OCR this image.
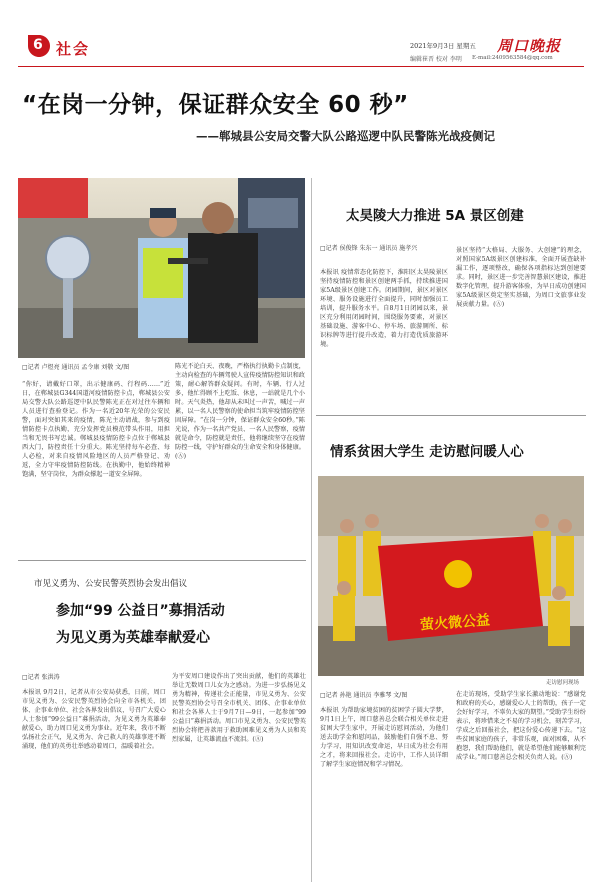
6 社会	2021年9月3日 星期五
编辑崔晋 校对 李明
周口晚报
E-mail:2409563584@qq.com
“在岗一分钟，保证群众安全 60 秒”
——郸城县公安局交警大队公路巡逻中队民警陈光战疫侧记
□记者 卢煜亮 通讯员 孟令康 刘敬 文/图
“你好，请戴好口罩，出示健康码、行程码……”近日，在郸城县G344国道河疫情防控卡点，郸城县公安局交警大队公路巡逻中队民警陈光正在对过往车辆和人员进行查验登记。作为一名近20年光荣的公安民警，面对突如其来的疫情，陈光主动请战，参与到疫情防控卡点执勤，充分发挥党员模范带头作用，用担当和无畏书写忠诚。郸城县疫情防控卡点位于郸城县西大门，防控责任十分重大。陈光坚持每车必查、每人必检，对来自疫情风险地区的人员严格登记、劝返，全力守牢疫情防控防线。在执勤中，他始终精神饱满，坚守岗位，为群众撑起一道安全屏障。
陈光不论白天、夜晚，严格执行执勤卡点制度，主动向检查的车辆驾驶人宣传疫情防控知识和政策，耐心解答群众疑问。有时，车辆、行人过多，他忙得顾不上吃饭、休息，一站就是几个小时。天气炎热，他却从未叫过一声苦，喊过一声累，以一名人民警察的使命担当筑牢疫情防控坚固屏障。“在岗一分钟，保证群众安全60秒。”陈光说，作为一名共产党员、一名人民警察，疫情就是命令，防控就是责任，他将继续坚守在疫情防控一线，守护好群众的生命安全和身体健康。(Ⓐ)
太昊陵大力推进 5A 景区创建
□记者 侯俊锋 朱东一 通讯员 施孝兴
本报讯 疫情常态化防控下，淮阳区太昊陵景区坚持疫情防控和景区创建两手抓，持续推进国家5A级景区创建工作。闭园期间，景区对景区环境、服务设施进行全面提升，同时加强员工培训，提升服务水平。自8月1日闭园以来，景区充分利用闭园时间，围绕服务要素，对景区基础设施、游客中心、停车场、旅游厕所、标识标牌等进行提升改造，着力打造优质旅游环境。
景区坚持“大格局、大服务、大创建”的理念，对照国家5A级景区创建标准，全面开展查缺补漏工作，逐项整改，确保各项指标达到创建要求。同时，景区进一步完善智慧景区建设，推进数字化管理，提升游客体验，为早日成功创建国家5A级景区奠定坚实基础，为周口文旅事业发展贡献力量。(Ⓐ)
情系贫困大学生 走访慰问暖人心
萤火微公益
走访慰问现场
□记者 孙艳 通讯员 李雅琴 文/图
本报讯 为帮助家境贫困的贫困学子圆大学梦，9月1日上午，周口慈善总会联合相关单位走进贫困大学生家中，开展走访慰问活动，为他们送去助学金和慰问品，鼓励他们自强不息、努力学习，用知识改变命运，早日成为社会有用之才，将来回报社会。走访中，工作人员详细了解学生家庭情况和学习情况。
在走访现场，受助学生家长激动地说：“感谢党和政府的关心，感谢爱心人士的帮助，孩子一定会好好学习，不辜负大家的期望。”受助学生纷纷表示，将珍惜来之不易的学习机会，刻苦学习，学成之后回报社会，把这份爱心传递下去。“这些贫困家庭的孩子，非常乐观，面对困难，从不抱怨，我们帮助他们，就是希望他们能够顺利完成学业。”周口慈善总会相关负责人说。(Ⓐ)
市见义勇为、公安民警英烈协会发出倡议
参加“99 公益日”募捐活动
为见义勇为英雄奉献爱心
□记者 张洪涛
本报讯 9月2日，记者从市公安局获悉，日前，周口市见义勇为、公安民警英烈协会向全市各机关、团体、企事业单位、社会各界发出倡议，号召广大爱心人士参加“99公益日”募捐活动，为见义勇为英雄奉献爱心，助力周口见义勇为事业。近年来，我市不断弘扬社会正气，见义勇为、舍己救人的英雄事迹不断涌现，他们的英勇壮举感动着周口，温暖着社会。
为平安周口建设作出了突出贡献，他们的英雄壮举让无数周口儿女为之感动。为进一步弘扬见义勇为精神，传递社会正能量，市见义勇为、公安民警英烈协会号召全市机关、团体、企事业单位和社会各界人士于9月7日—9日，一起参加“99公益日”募捐活动。周口市见义勇为、公安民警英烈协会将把善款用于救助困难见义勇为人员和英烈家属，让英雄流血不流泪。(Ⓐ)
